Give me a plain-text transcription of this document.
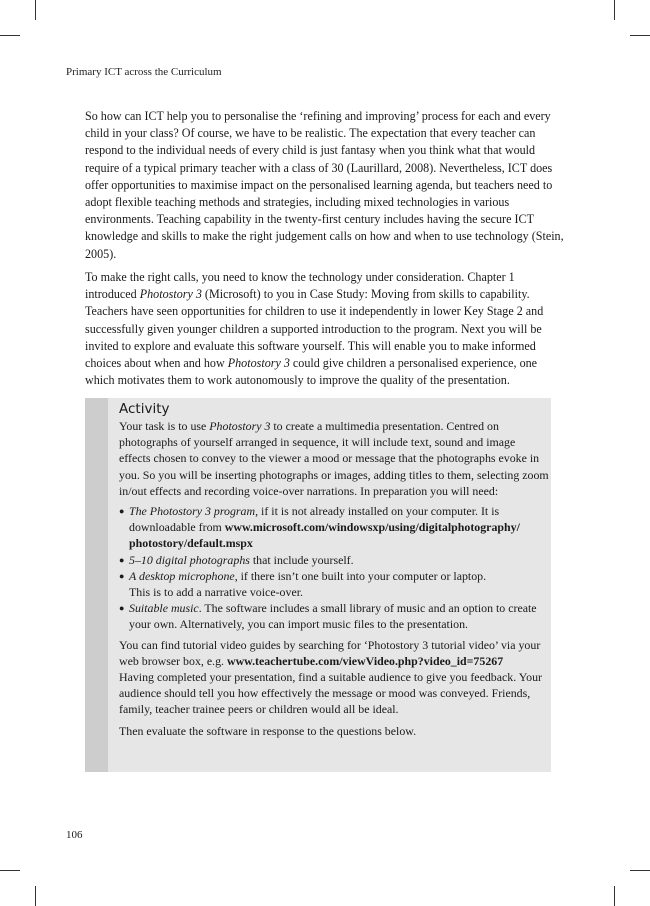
Primary ICT across the Curriculum

So how can ICT help you to personalise the ‘refining and improving’ process for each and every child in your class? Of course, we have to be realistic. The expectation that every teacher can respond to the individual needs of every child is just fantasy when you think what that would require of a typical primary teacher with a class of 30 (Laurillard, 2008). Nevertheless, ICT does offer opportunities to maximise impact on the personalised learning agenda, but teachers need to adopt flexible teaching methods and strategies, including mixed technologies in various environments. Teaching capability in the twenty-first century includes having the secure ICT knowledge and skills to make the right judgement calls on how and when to use technology (Stein, 2005).

To make the right calls, you need to know the technology under consideration. Chapter 1 introduced Photostory 3 (Microsoft) to you in Case Study: Moving from skills to capability. Teachers have seen opportunities for children to use it independently in lower Key Stage 2 and successfully given younger children a supported introduction to the program. Next you will be invited to explore and evaluate this software yourself. This will enable you to make informed choices about when and how Photostory 3 could give children a personalised experience, one which motivates them to work autonomously to improve the quality of the presentation.

Activity

Your task is to use Photostory 3 to create a multimedia presentation. Centred on photographs of yourself arranged in sequence, it will include text, sound and image effects chosen to convey to the viewer a mood or message that the photographs evoke in you. So you will be inserting photographs or images, adding titles to them, selecting zoom in/out effects and recording voice-over narrations. In preparation you will need:

● The Photostory 3 program, if it is not already installed on your computer. It is downloadable from www.microsoft.com/windowsxp/using/digitalphotography/ photostory/default.mspx
● 5–10 digital photographs that include yourself.
● A desktop microphone, if there isn’t one built into your computer or laptop.
This is to add a narrative voice-over.
● Suitable music. The software includes a small library of music and an option to create your own. Alternatively, you can import music files to the presentation.

You can find tutorial video guides by searching for ‘Photostory 3 tutorial video’ via your web browser box, e.g. www.teachertube.com/viewVideo.php?video_id=75267
Having completed your presentation, find a suitable audience to give you feedback. Your audience should tell you how effectively the message or mood was conveyed. Friends, family, teacher trainee peers or children would all be ideal.

Then evaluate the software in response to the questions below.

106
